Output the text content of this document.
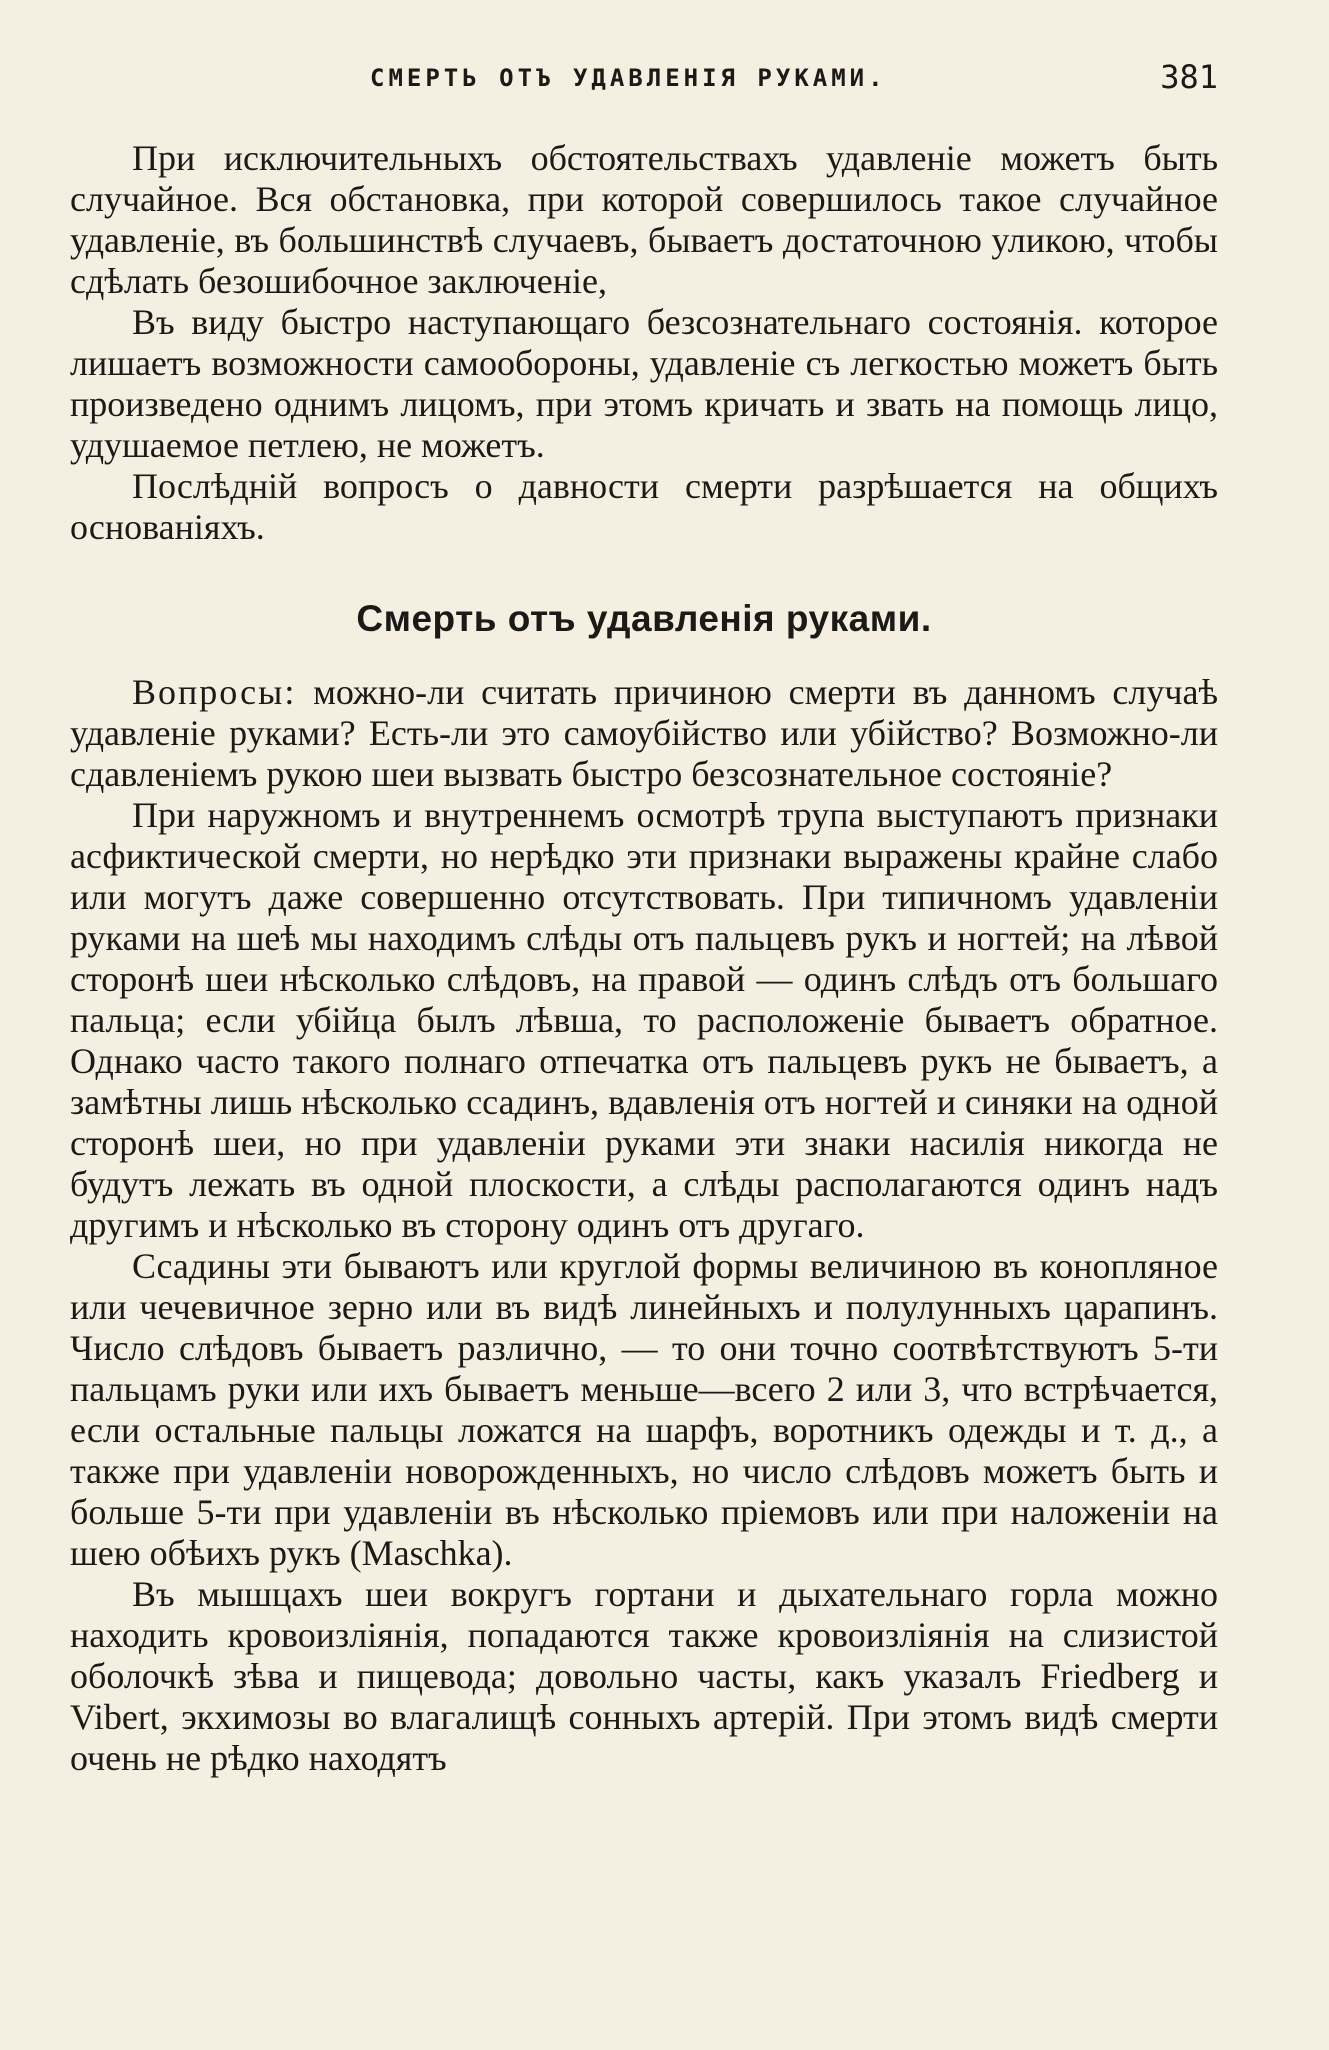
СМЕРТЬ ОТЪ УДАВЛЕНІЯ РУКАМИ.	381

При исключительныхъ обстоятельствахъ удавленіе можетъ быть случайное. Вся обстановка, при которой совершилось такое случайное удавленіе, въ большинствѣ случаевъ, бываетъ достаточною уликою, чтобы сдѣлать безошибочное заключеніе,

Въ виду быстро наступающаго безсознательнаго состоянія. которое лишаетъ возможности самообороны, удавленіе съ легкостью можетъ быть произведено однимъ лицомъ, при этомъ кричать и звать на помощь лицо, удушаемое петлею, не можетъ.

Послѣдній вопросъ о давности смерти разрѣшается на общихъ основаніяхъ.

Смерть отъ удавленія руками.

Вопросы: можно-ли считать причиною смерти въ данномъ случаѣ удавленіе руками? Есть-ли это самоубійство или убійство? Возможно-ли сдавленіемъ рукою шеи вызвать быстро безсознательное состояніе?

При наружномъ и внутреннемъ осмотрѣ трупа выступаютъ признаки асфиктической смерти, но нерѣдко эти признаки выражены крайне слабо или могутъ даже совершенно отсутствовать. При типичномъ удавленіи руками на шеѣ мы находимъ слѣды отъ пальцевъ рукъ и ногтей; на лѣвой сторонѣ шеи нѣсколько слѣдовъ, на правой — одинъ слѣдъ отъ большаго пальца; если убійца былъ лѣвша, то расположеніе бываетъ обратное. Однако часто такого полнаго отпечатка отъ пальцевъ рукъ не бываетъ, а замѣтны лишь нѣсколько ссадинъ, вдавленія отъ ногтей и синяки на одной сторонѣ шеи, но при удавленіи руками эти знаки насилія никогда не будутъ лежать въ одной плоскости, а слѣды располагаются одинъ надъ другимъ и нѣсколько въ сторону одинъ отъ другаго.

Ссадины эти бываютъ или круглой формы величиною въ конопляное или чечевичное зерно или въ видѣ линейныхъ и полулунныхъ царапинъ. Число слѣдовъ бываетъ различно, — то они точно соотвѣтствуютъ 5-ти пальцамъ руки или ихъ бываетъ меньше—всего 2 или 3, что встрѣчается, если остальные пальцы ложатся на шарфъ, воротникъ одежды и т. д., а также при удавленіи новорожденныхъ, но число слѣдовъ можетъ быть и больше 5-ти при удавленіи въ нѣсколько пріемовъ или при наложеніи на шею обѣихъ рукъ (Maschka).

Въ мышцахъ шеи вокругъ гортани и дыхательнаго горла можно находить кровоизліянія, попадаются также кровоизліянія на слизистой оболочкѣ зѣва и пищевода; довольно часты, какъ указалъ Friedberg и Vibert, экхимозы во влагалищѣ сонныхъ артерій. При этомъ видѣ смерти очень не рѣдко находятъ
